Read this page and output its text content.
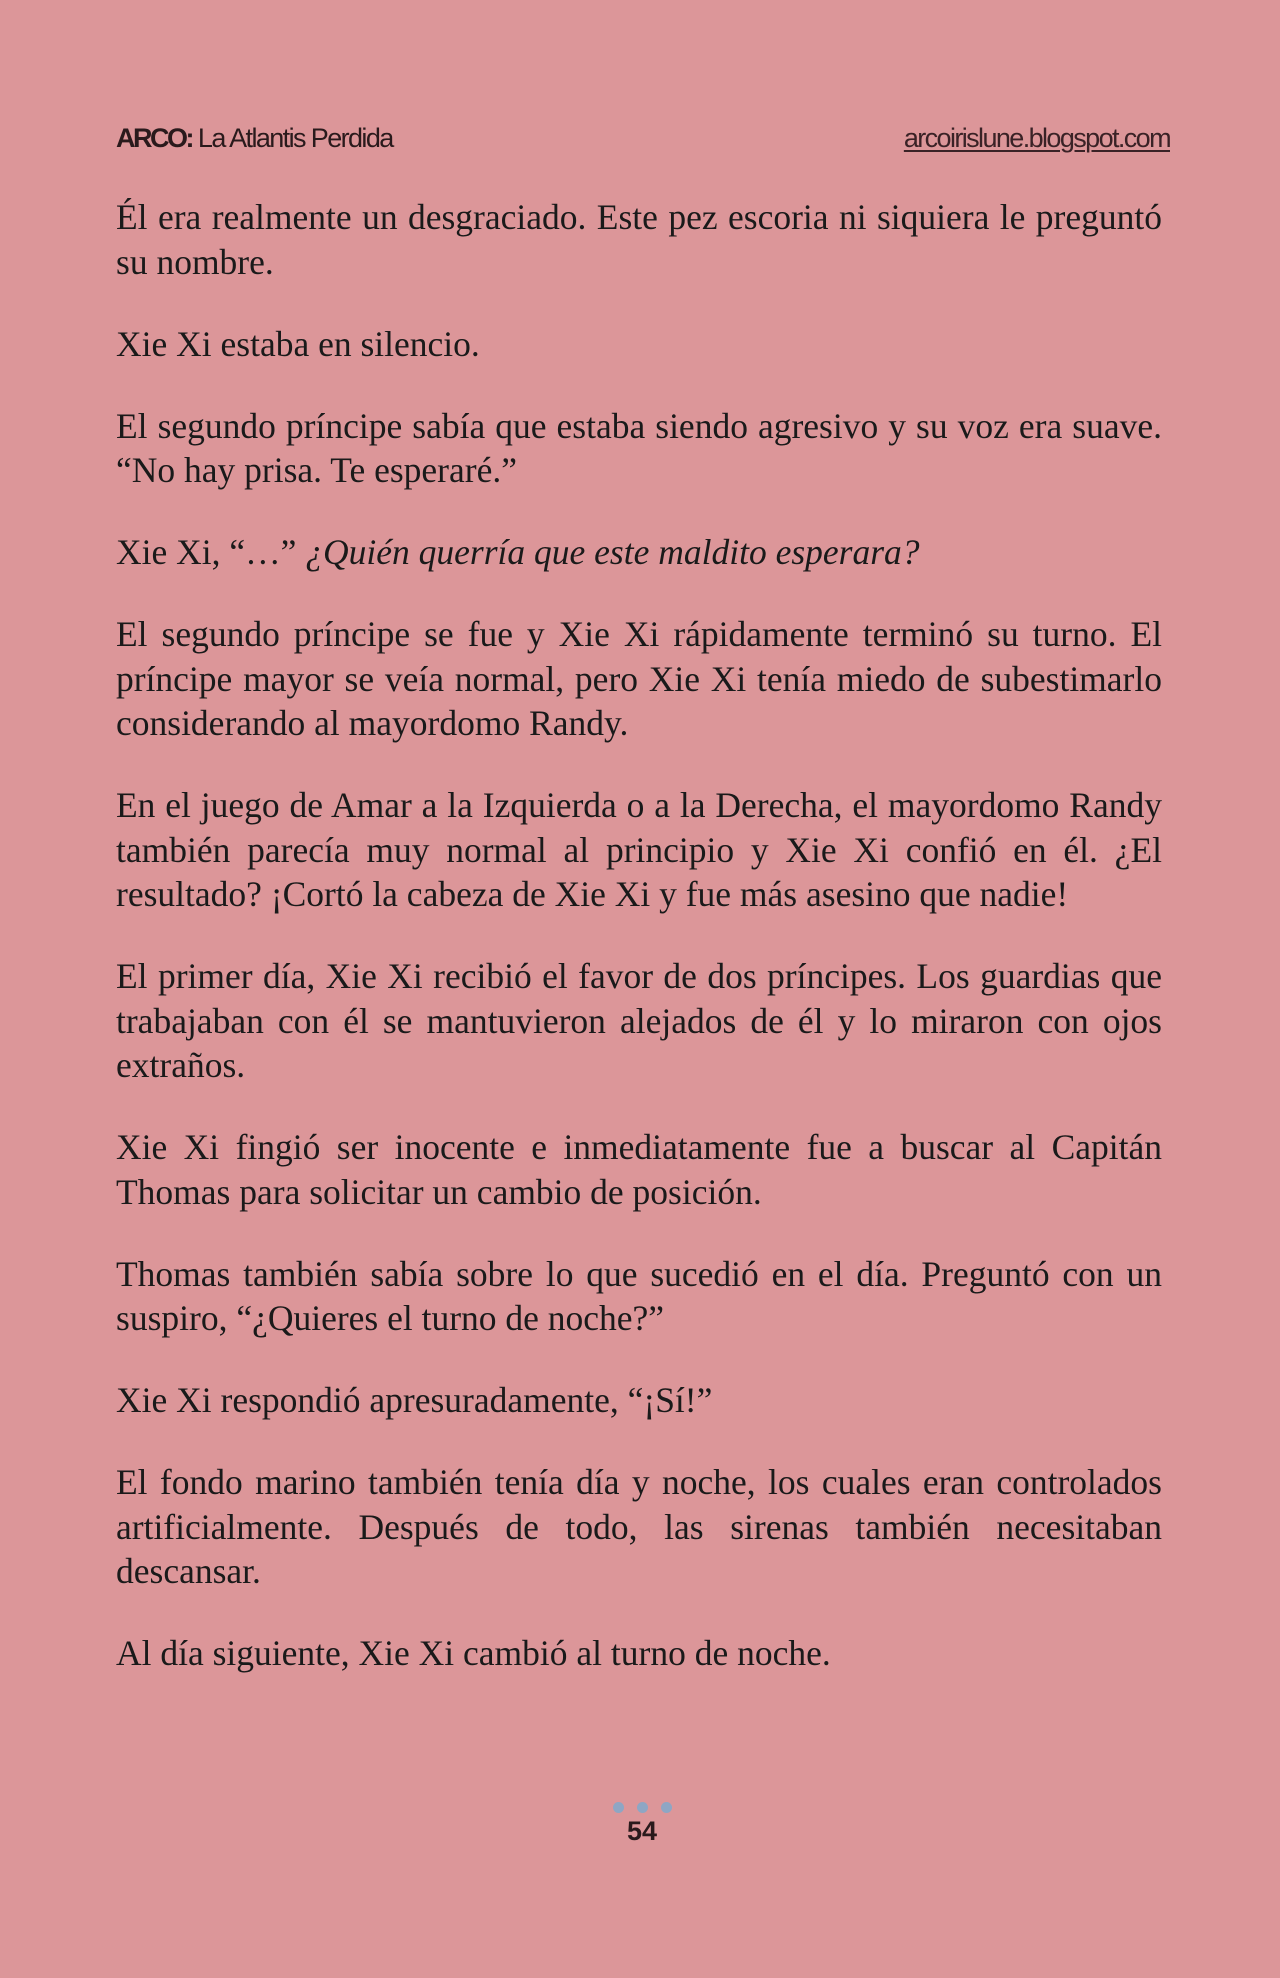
ARCO: La Atlantis Perdida	arcoirislune.blogspot.com

Él era realmente un desgraciado. Este pez escoria ni siquiera le preguntó su nombre.

Xie Xi estaba en silencio.

El segundo príncipe sabía que estaba siendo agresivo y su voz era suave. “No hay prisa. Te esperaré.”

Xie Xi, “…” ¿Quién querría que este maldito esperara?

El segundo príncipe se fue y Xie Xi rápidamente terminó su turno. El príncipe mayor se veía normal, pero Xie Xi tenía miedo de subestimarlo considerando al mayordomo Randy.

En el juego de Amar a la Izquierda o a la Derecha, el mayordomo Randy también parecía muy normal al principio y Xie Xi confió en él. ¿El resultado? ¡Cortó la cabeza de Xie Xi y fue más asesino que nadie!

El primer día, Xie Xi recibió el favor de dos príncipes. Los guardias que trabajaban con él se mantuvieron alejados de él y lo miraron con ojos extraños.

Xie Xi fingió ser inocente e inmediatamente fue a buscar al Capitán Thomas para solicitar un cambio de posición.

Thomas también sabía sobre lo que sucedió en el día. Preguntó con un suspiro, “¿Quieres el turno de noche?”

Xie Xi respondió apresuradamente, “¡Sí!”

El fondo marino también tenía día y noche, los cuales eran controlados artificialmente. Después de todo, las sirenas también necesitaban descansar.

Al día siguiente, Xie Xi cambió al turno de noche.

54
